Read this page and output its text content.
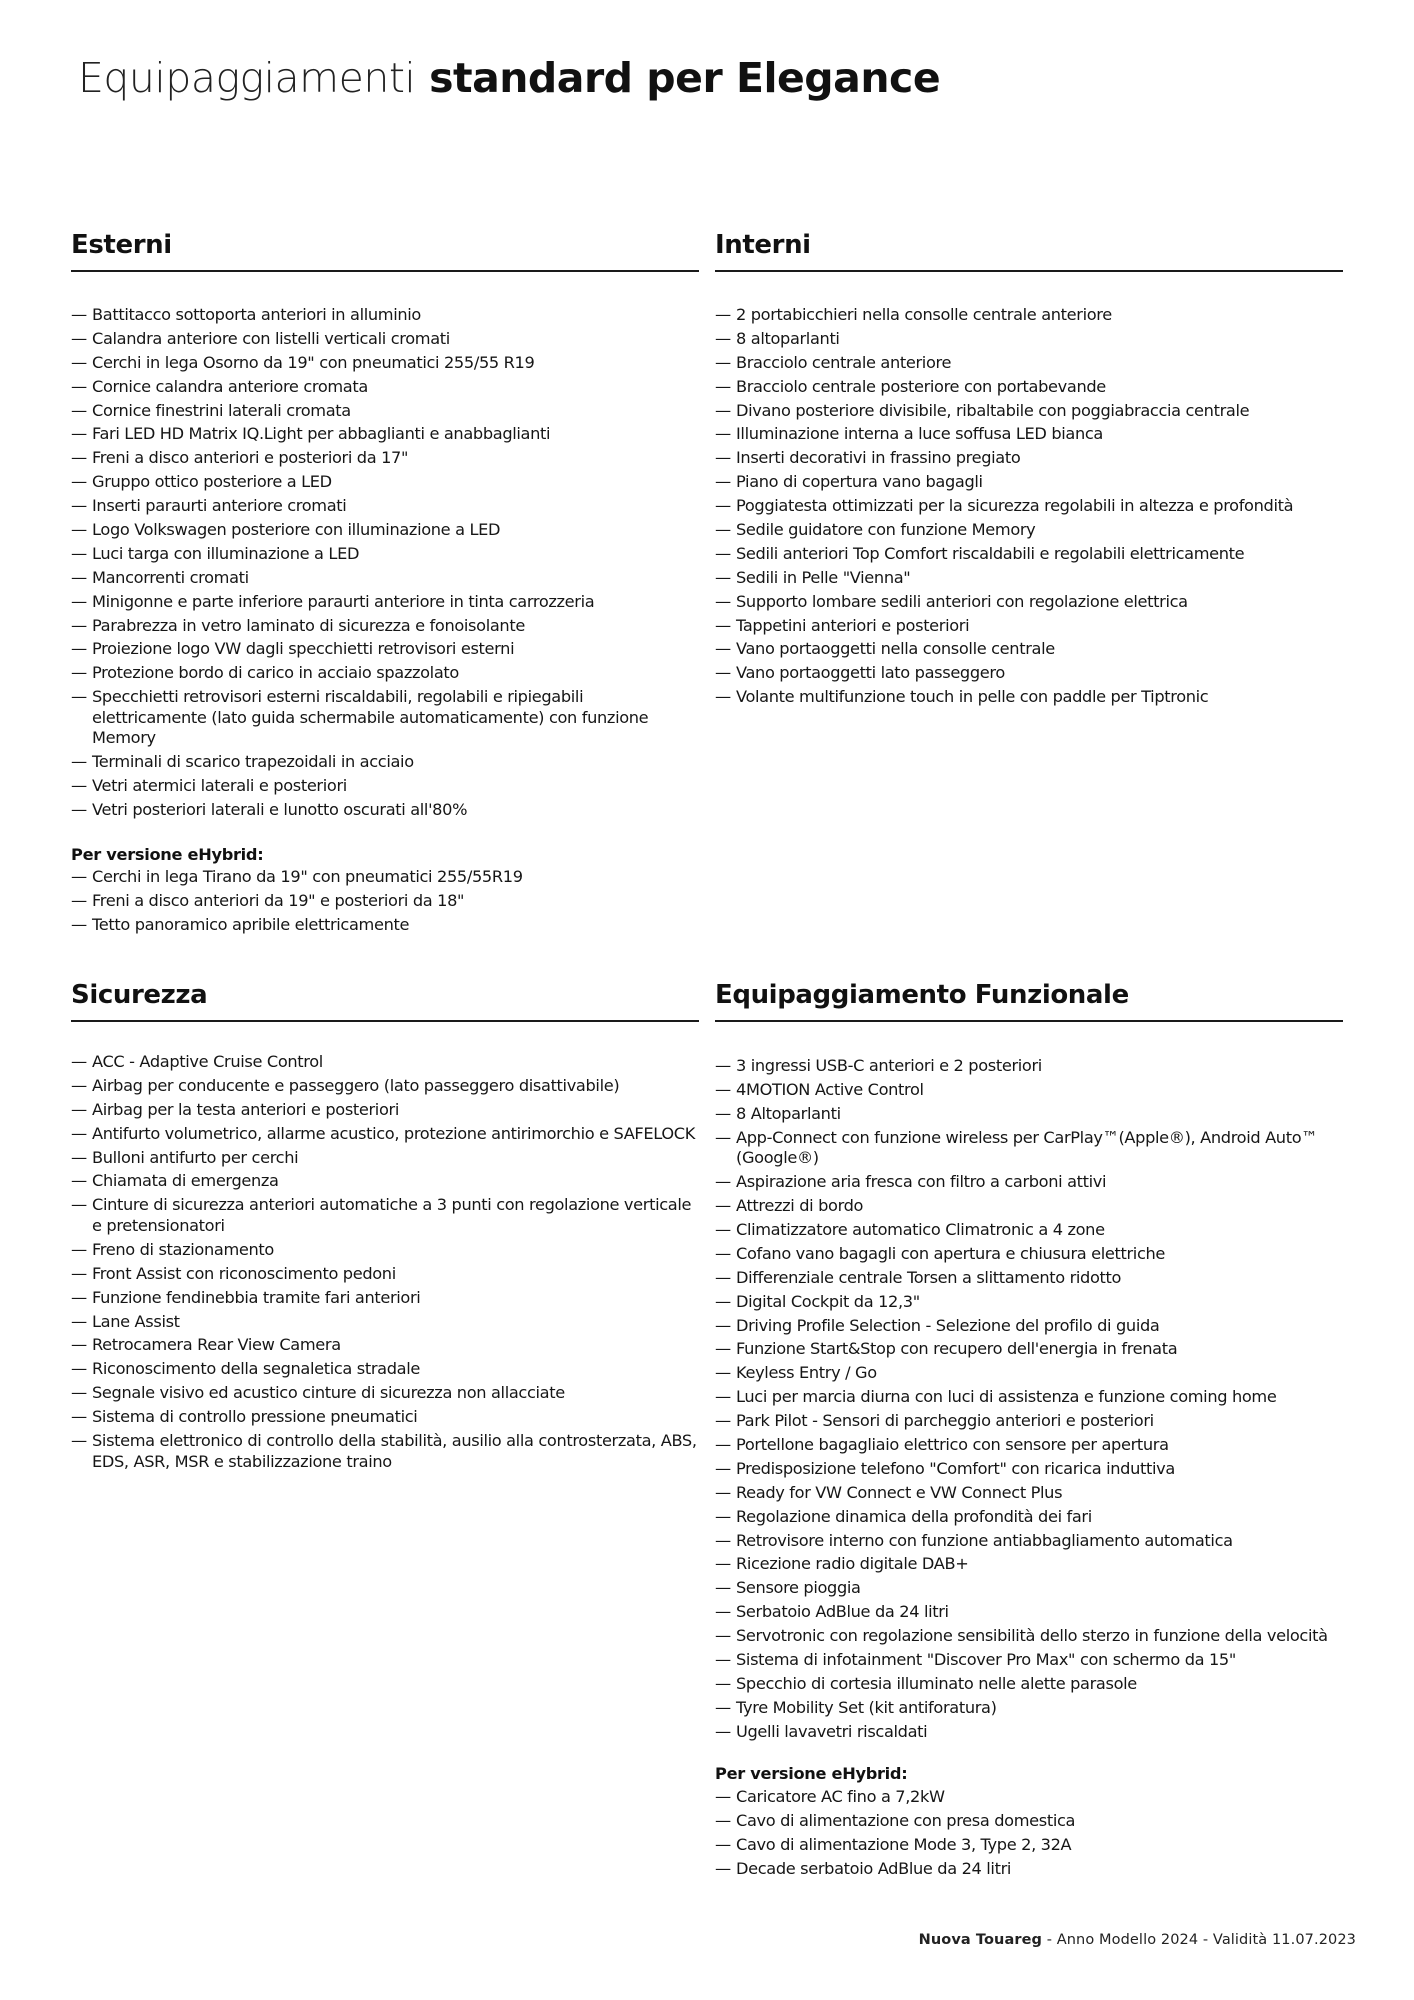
Equipaggiamenti standard per Elegance
Esterni
— Battitacco sottoporta anteriori in alluminio
— Calandra anteriore con listelli verticali cromati
— Cerchi in lega Osorno da 19" con pneumatici 255/55 R19
— Cornice calandra anteriore cromata
— Cornice finestrini laterali cromata
— Fari LED HD Matrix IQ.Light per abbaglianti e anabbaglianti
— Freni a disco anteriori e posteriori da 17"
— Gruppo ottico posteriore a LED
— Inserti paraurti anteriore cromati
— Logo Volkswagen posteriore con illuminazione a LED
— Luci targa con illuminazione a LED
— Mancorrenti cromati
— Minigonne e parte inferiore paraurti anteriore in tinta carrozzeria
— Parabrezza in vetro laminato di sicurezza e fonoisolante
— Proiezione logo VW dagli specchietti retrovisori esterni
— Protezione bordo di carico in acciaio spazzolato
— Specchietti retrovisori esterni riscaldabili, regolabili e ripiegabili elettricamente (lato guida schermabile automaticamente) con funzione Memory
— Terminali di scarico trapezoidali in acciaio
— Vetri atermici laterali e posteriori
— Vetri posteriori laterali e lunotto oscurati all'80%
Per versione eHybrid:
— Cerchi in lega Tirano da 19" con pneumatici 255/55R19
— Freni a disco anteriori da 19" e posteriori da 18"
— Tetto panoramico apribile elettricamente
Interni
— 2 portabicchieri nella consolle centrale anteriore
— 8 altoparlanti
— Bracciolo centrale anteriore
— Bracciolo centrale posteriore con portabevande
— Divano posteriore divisibile, ribaltabile con poggiabraccia centrale
— Illuminazione interna a luce soffusa LED bianca
— Inserti decorativi in frassino pregiato
— Piano di copertura vano bagagli
— Poggiatesta ottimizzati per la sicurezza regolabili in altezza e profondità
— Sedile guidatore con funzione Memory
— Sedili anteriori Top Comfort riscaldabili e regolabili elettricamente
— Sedili in Pelle "Vienna"
— Supporto lombare sedili anteriori con regolazione elettrica
— Tappetini anteriori e posteriori
— Vano portaoggetti nella consolle centrale
— Vano portaoggetti lato passeggero
— Volante multifunzione touch in pelle con paddle per Tiptronic
Sicurezza
— ACC - Adaptive Cruise Control
— Airbag per conducente e passeggero (lato passeggero disattivabile)
— Airbag per la testa anteriori e posteriori
— Antifurto volumetrico, allarme acustico, protezione antirimorchio e SAFELOCK
— Bulloni antifurto per cerchi
— Chiamata di emergenza
— Cinture di sicurezza anteriori automatiche a 3 punti con regolazione verticale e pretensionatori
— Freno di stazionamento
— Front Assist con riconoscimento pedoni
— Funzione fendinebbia tramite fari anteriori
— Lane Assist
— Retrocamera Rear View Camera
— Riconoscimento della segnaletica stradale
— Segnale visivo ed acustico cinture di sicurezza non allacciate
— Sistema di controllo pressione pneumatici
— Sistema elettronico di controllo della stabilità, ausilio alla controsterzata, ABS, EDS, ASR, MSR e stabilizzazione traino
Equipaggiamento Funzionale
— 3 ingressi USB-C anteriori e 2 posteriori
— 4MOTION Active Control
— 8 Altoparlanti
— App-Connect con funzione wireless per CarPlay™(Apple®), Android Auto™ (Google®)
— Aspirazione aria fresca con filtro a carboni attivi
— Attrezzi di bordo
— Climatizzatore automatico Climatronic a 4 zone
— Cofano vano bagagli con apertura e chiusura elettriche
— Differenziale centrale Torsen a slittamento ridotto
— Digital Cockpit da 12,3"
— Driving Profile Selection - Selezione del profilo di guida
— Funzione Start&Stop con recupero dell'energia in frenata
— Keyless Entry / Go
— Luci per marcia diurna con luci di assistenza e funzione coming home
— Park Pilot - Sensori di parcheggio anteriori e posteriori
— Portellone bagagliaio elettrico con sensore per apertura
— Predisposizione telefono "Comfort" con ricarica induttiva
— Ready for VW Connect e VW Connect Plus
— Regolazione dinamica della profondità dei fari
— Retrovisore interno con funzione antiabbagliamento automatica
— Ricezione radio digitale DAB+
— Sensore pioggia
— Serbatoio AdBlue da 24 litri
— Servotronic con regolazione sensibilità dello sterzo in funzione della velocità
— Sistema di infotainment "Discover Pro Max" con schermo da 15"
— Specchio di cortesia illuminato nelle alette parasole
— Tyre Mobility Set (kit antiforatura)
— Ugelli lavavetri riscaldati
Per versione eHybrid:
— Caricatore AC fino a 7,2kW
— Cavo di alimentazione con presa domestica
— Cavo di alimentazione Mode 3, Type 2, 32A
— Decade serbatoio AdBlue da 24 litri
Nuova Touareg - Anno Modello 2024 - Validità 11.07.2023
